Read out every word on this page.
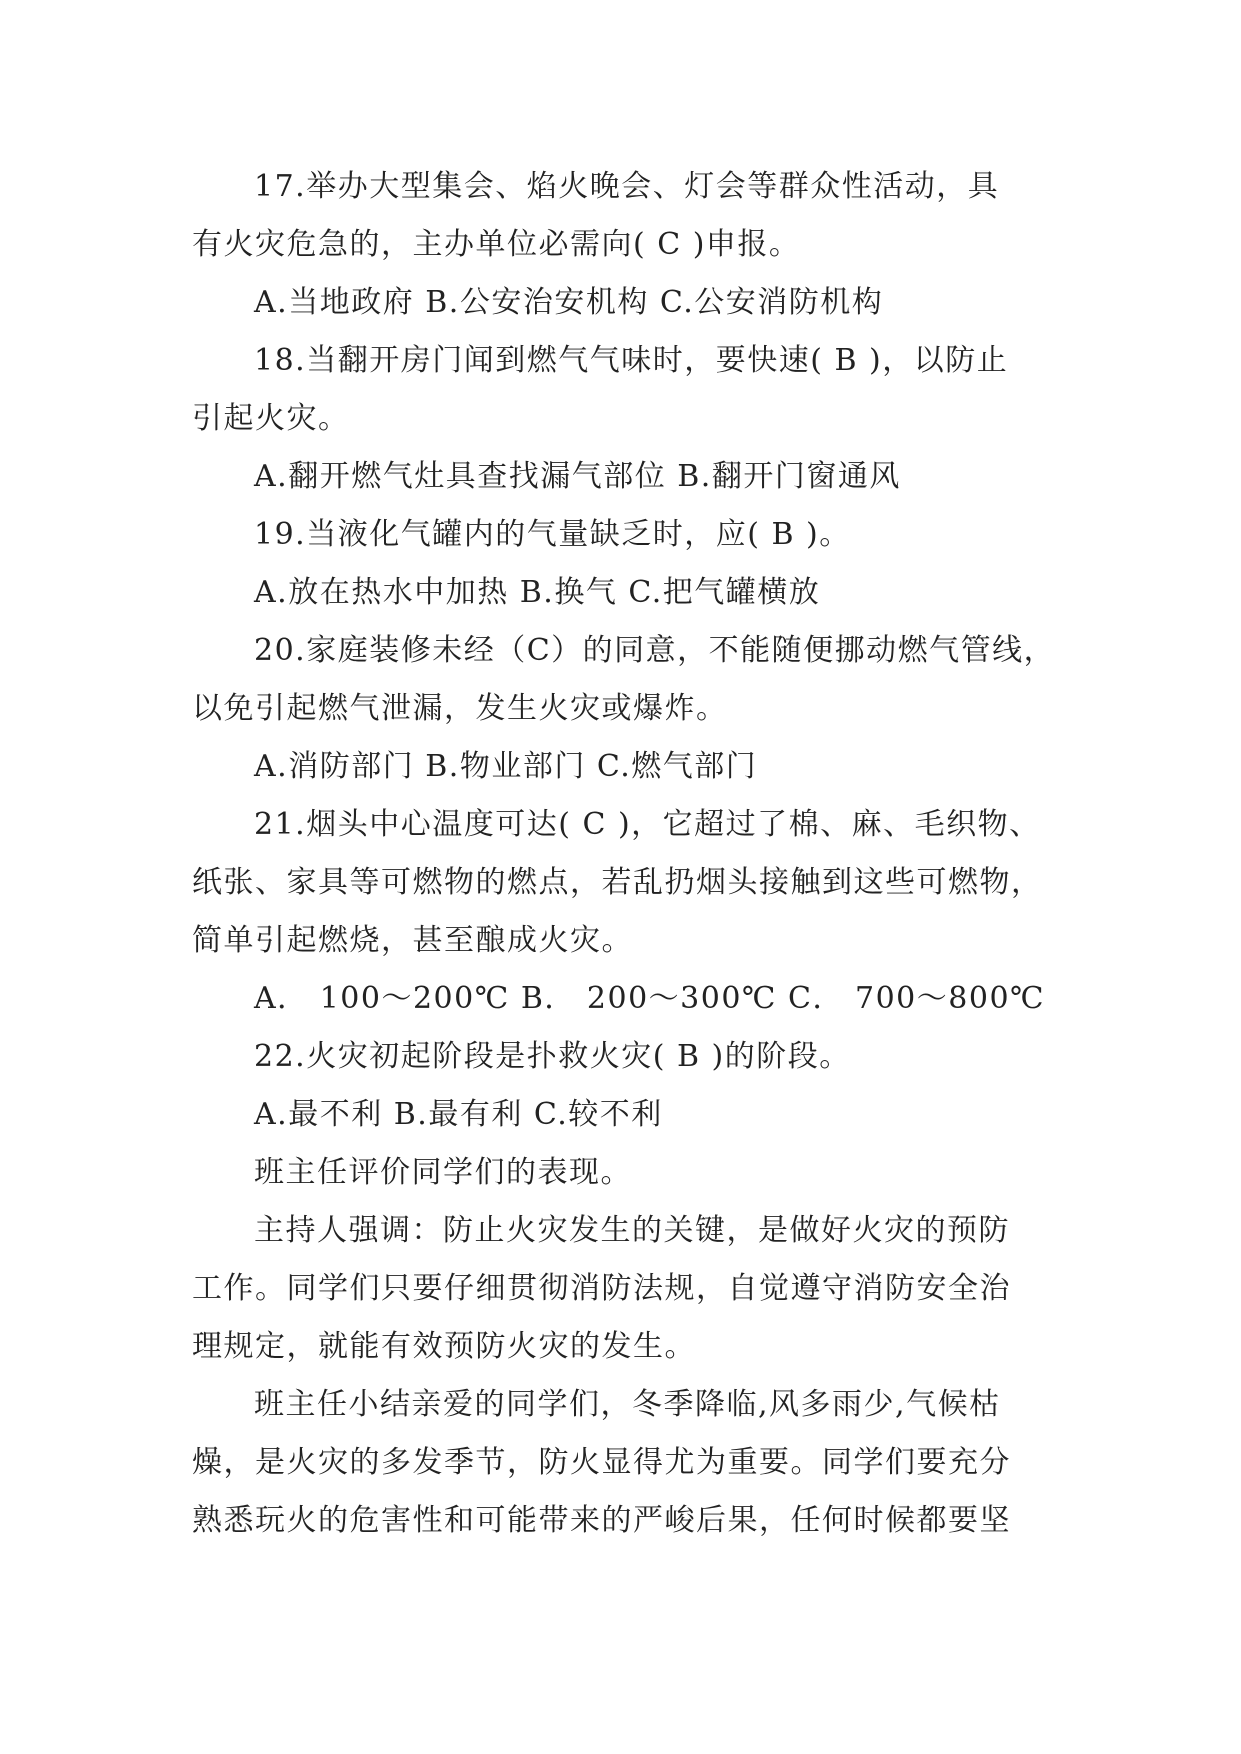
17.举办大型集会、焰火晚会、灯会等群众性活动，具
有火灾危急的，主办单位必需向( C )申报。
A.当地政府 B.公安治安机构 C.公安消防机构
18.当翻开房门闻到燃气气味时，要快速( B )，以防止
引起火灾。
A.翻开燃气灶具查找漏气部位 B.翻开门窗通风
19.当液化气罐内的气量缺乏时，应( B )。
A.放在热水中加热 B.换气 C.把气罐横放
20.家庭装修未经（C）的同意，不能随便挪动燃气管线，
以免引起燃气泄漏，发生火灾或爆炸。
A.消防部门 B.物业部门 C.燃气部门
21.烟头中心温度可达( C )，它超过了棉、麻、毛织物、
纸张、家具等可燃物的燃点，若乱扔烟头接触到这些可燃物，
简单引起燃烧，甚至酿成火灾。
A． 100～200℃ B． 200～300℃ C． 700～800℃
22.火灾初起阶段是扑救火灾( B )的阶段。
A.最不利 B.最有利 C.较不利
班主任评价同学们的表现。
主持人强调：防止火灾发生的关键，是做好火灾的预防
工作。同学们只要仔细贯彻消防法规，自觉遵守消防安全治
理规定，就能有效预防火灾的发生。
班主任小结亲爱的同学们，冬季降临,风多雨少,气候枯
燥，是火灾的多发季节，防火显得尤为重要。同学们要充分
熟悉玩火的危害性和可能带来的严峻后果，任何时候都要坚
